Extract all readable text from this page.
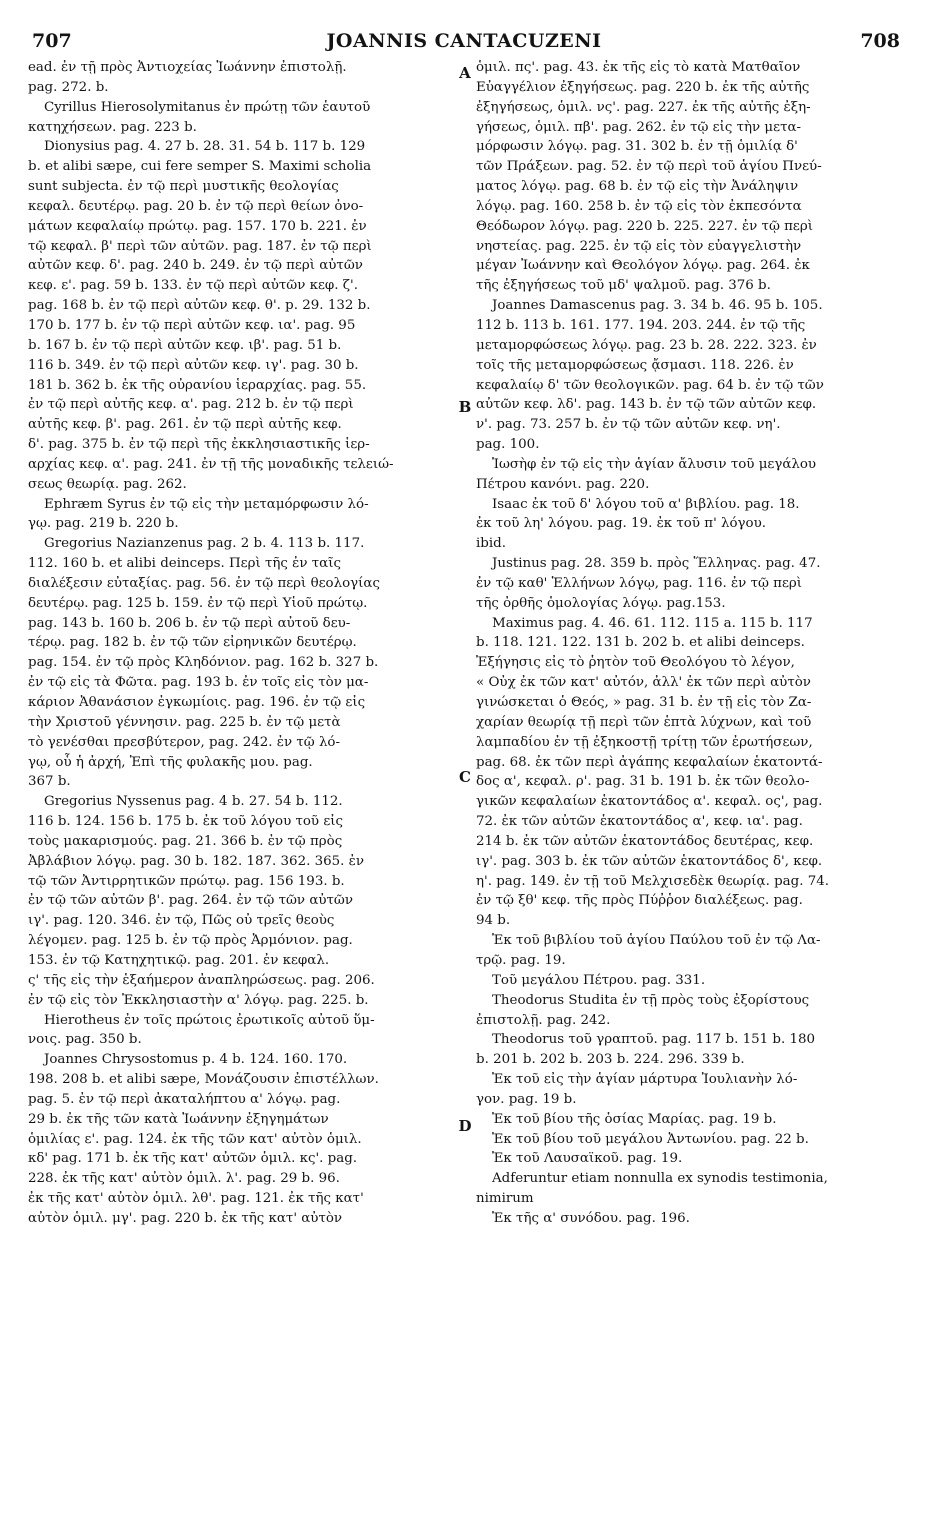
707	JOANNIS CANTACUZENI	708
ead. ἐν τῇ πρὸς Ἀντιοχείας Ἰωάννην ἐπιστολῇ.
pag. 272. b.
Cyrillus Hierosolymitanus ἐν πρώτῃ τῶν ἑαυτοῦ
κατηχήσεων. pag. 223 b.
Dionysius pag. 4. 27 b. 28. 31. 54 b. 117 b. 129
b. et alibi sæpe, cui fere semper S. Maximi scholia
sunt subjecta. ἐν τῷ περὶ μυστικῆς θεολογίας
κεφαλ. δευτέρῳ. pag. 20 b. ἐν τῷ περὶ θείων ὀνο-
μάτων κεφαλαίῳ πρώτῳ. pag. 157. 170 b. 221. ἐν
τῷ κεφαλ. β' περὶ τῶν αὐτῶν. pag. 187. ἐν τῷ περὶ
αὐτῶν κεφ. δ'. pag. 240 b. 249. ἐν τῷ περὶ αὐτῶν
κεφ. ε'. pag. 59 b. 133. ἐν τῷ περὶ αὐτῶν κεφ. ζ'.
pag. 168 b. ἐν τῷ περὶ αὐτῶν κεφ. θ'. p. 29. 132 b.
170 b. 177 b. ἐν τῷ περὶ αὐτῶν κεφ. ια'. pag. 95
b. 167 b. ἐν τῷ περὶ αὐτῶν κεφ. ιβ'. pag. 51 b.
116 b. 349. ἐν τῷ περὶ αὐτῶν κεφ. ιγ'. pag. 30 b.
181 b. 362 b. ἐκ τῆς οὐρανίου ἱεραρχίας. pag. 55.
ἐν τῷ περὶ αὐτῆς κεφ. α'. pag. 212 b. ἐν τῷ περὶ
αὐτῆς κεφ. β'. pag. 261. ἐν τῷ περὶ αὐτῆς κεφ.
δ'. pag. 375 b. ἐν τῷ περὶ τῆς ἐκκλησιαστικῆς ἱερ-
αρχίας κεφ. α'. pag. 241. ἐν τῇ τῆς μοναδικῆς τελειώ-
σεως θεωρίᾳ. pag. 262.
Ephræm Syrus ἐν τῷ εἰς τὴν μεταμόρφωσιν λό-
γῳ. pag. 219 b. 220 b.
Gregorius Nazianzenus pag. 2 b. 4. 113 b. 117.
112. 160 b. et alibi deinceps. Περὶ τῆς ἐν ταῖς
διαλέξεσιν εὐταξίας. pag. 56. ἐν τῷ περὶ θεολογίας
δευτέρῳ. pag. 125 b. 159. ἐν τῷ περὶ Υἱοῦ πρώτῳ.
pag. 143 b. 160 b. 206 b. ἐν τῷ περὶ αὐτοῦ δευ-
τέρῳ. pag. 182 b. ἐν τῷ τῶν εἰρηνικῶν δευτέρῳ.
pag. 154. ἐν τῷ πρὸς Κληδόνιον. pag. 162 b. 327 b.
ἐν τῷ εἰς τὰ Φῶτα. pag. 193 b. ἐν τοῖς εἰς τὸν μα-
κάριον Ἀθανάσιον ἐγκωμίοις. pag. 196. ἐν τῷ εἰς
τὴν Χριστοῦ γέννησιν. pag. 225 b. ἐν τῷ μετὰ
τὸ γενέσθαι πρεσβύτερον, pag. 242. ἐν τῷ λό-
γῳ, οὗ ἡ ἀρχή, Ἐπὶ τῆς φυλακῆς μου. pag.
367 b.
Gregorius Nyssenus pag. 4 b. 27. 54 b. 112.
116 b. 124. 156 b. 175 b. ἐκ τοῦ λόγου τοῦ εἰς
τοὺς μακαρισμούς. pag. 21. 366 b. ἐν τῷ πρὸς
Ἀβλάβιον λόγῳ. pag. 30 b. 182. 187. 362. 365. ἐν
τῷ τῶν Ἀντιρρητικῶν πρώτῳ. pag. 156 193. b.
ἐν τῷ τῶν αὐτῶν β'. pag. 264. ἐν τῷ τῶν αὐτῶν
ιγ'. pag. 120. 346. ἐν τῷ, Πῶς οὐ τρεῖς θεοὺς
λέγομεν. pag. 125 b. ἐν τῷ πρὸς Ἀρμόνιον. pag.
153. ἐν τῷ Κατηχητικῷ. pag. 201. ἐν κεφαλ.
ς' τῆς εἰς τὴν ἑξαήμερον ἀναπληρώσεως. pag. 206.
ἐν τῷ εἰς τὸν Ἐκκλησιαστὴν α' λόγῳ. pag. 225. b.
Hierotheus ἐν τοῖς πρώτοις ἐρωτικοῖς αὐτοῦ ὕμ-
νοις. pag. 350 b.
Joannes Chrysostomus p. 4 b. 124. 160. 170.
198. 208 b. et alibi sæpe, Μονάζουσιν ἐπιστέλλων.
pag. 5. ἐν τῷ περὶ ἀκαταλήπτου α' λόγῳ. pag.
29 b. ἐκ τῆς τῶν κατὰ Ἰωάννην ἐξηγημάτων
ὁμιλίας ε'. pag. 124. ἐκ τῆς τῶν κατ' αὐτὸν ὁμιλ.
κδ' pag. 171 b. ἐκ τῆς κατ' αὐτῶν ὁμιλ. κς'. pag.
228. ἐκ τῆς κατ' αὐτὸν ὁμιλ. λ'. pag. 29 b. 96.
ἐκ τῆς κατ' αὐτὸν ὁμιλ. λθ'. pag. 121. ἐκ τῆς κατ'
αὐτὸν ὁμιλ. μγ'. pag. 220 b. ἐκ τῆς κατ' αὐτὸν
ὁμιλ. πς'. pag. 43. ἐκ τῆς εἰς τὸ κατὰ Ματθαῖον
Εὐαγγέλιον ἐξηγήσεως. pag. 220 b. ἐκ τῆς αὐτῆς
ἐξηγήσεως, ὁμιλ. νς'. pag. 227. ἐκ τῆς αὐτῆς ἐξη-
γήσεως, ὁμιλ. πβ'. pag. 262. ἐν τῷ εἰς τὴν μετα-
μόρφωσιν λόγῳ. pag. 31. 302 b. ἐν τῇ ὁμιλίᾳ δ'
τῶν Πράξεων. pag. 52. ἐν τῷ περὶ τοῦ ἁγίου Πνεύ-
ματος λόγῳ. pag. 68 b. ἐν τῷ εἰς τὴν Ἀνάληψιν
λόγῳ. pag. 160. 258 b. ἐν τῷ εἰς τὸν ἐκπεσόντα
Θεόδωρον λόγῳ. pag. 220 b. 225. 227. ἐν τῷ περὶ
νηστείας. pag. 225. ἐν τῷ εἰς τὸν εὐαγγελιστὴν
μέγαν Ἰωάννην καὶ Θεολόγον λόγῳ. pag. 264. ἐκ
τῆς ἐξηγήσεως τοῦ μδ' ψαλμοῦ. pag. 376 b.
Joannes Damascenus pag. 3. 34 b. 46. 95 b. 105.
112 b. 113 b. 161. 177. 194. 203. 244. ἐν τῷ τῆς
μεταμορφώσεως λόγῳ. pag. 23 b. 28. 222. 323. ἐν
τοῖς τῆς μεταμορφώσεως ᾄσμασι. 118. 226. ἐν
κεφαλαίῳ δ' τῶν θεολογικῶν. pag. 64 b. ἐν τῷ τῶν
αὐτῶν κεφ. λδ'. pag. 143 b. ἐν τῷ τῶν αὐτῶν κεφ.
ν'. pag. 73. 257 b. ἐν τῷ τῶν αὐτῶν κεφ. νη'.
pag. 100.
Ἰωσὴφ ἐν τῷ εἰς τὴν ἁγίαν ἄλυσιν τοῦ μεγάλου
Πέτρου κανόνι. pag. 220.
Isaac ἐκ τοῦ δ' λόγου τοῦ α' βιβλίου. pag. 18.
ἐκ τοῦ λη' λόγου. pag. 19. ἐκ τοῦ π' λόγου.
ibid.
Justinus pag. 28. 359 b. πρὸς Ἕλληνας. pag. 47.
ἐν τῷ καθ' Ἑλλήνων λόγῳ, pag. 116. ἐν τῷ περὶ
τῆς ὀρθῆς ὁμολογίας λόγῳ. pag.153.
Maximus pag. 4. 46. 61. 112. 115 a. 115 b. 117
b. 118. 121. 122. 131 b. 202 b. et alibi deinceps.
Ἐξήγησις εἰς τὸ ῥητὸν τοῦ Θεολόγου τὸ λέγον,
« Οὐχ ἐκ τῶν κατ' αὐτόν, ἀλλ' ἐκ τῶν περὶ αὐτὸν
γινώσκεται ὁ Θεός, » pag. 31 b. ἐν τῇ εἰς τὸν Ζα-
χαρίαν θεωρίᾳ τῇ περὶ τῶν ἑπτὰ λύχνων, καὶ τοῦ
λαμπαδίου ἐν τῇ ἐξηκοστῇ τρίτῃ τῶν ἐρωτήσεων,
pag. 68. ἐκ τῶν περὶ ἀγάπης κεφαλαίων ἑκατοντά-
δος α', κεφαλ. ρ'. pag. 31 b. 191 b. ἐκ τῶν θεολο-
γικῶν κεφαλαίων ἑκατοντάδος α'. κεφαλ. ος', pag.
72. ἐκ τῶν αὐτῶν ἑκατοντάδος α', κεφ. ια'. pag.
214 b. ἐκ τῶν αὐτῶν ἑκατοντάδος δευτέρας, κεφ.
ιγ'. pag. 303 b. ἐκ τῶν αὐτῶν ἑκατοντάδος δ', κεφ.
η'. pag. 149. ἐν τῇ τοῦ Μελχισεδὲκ θεωρίᾳ. pag. 74.
ἐν τῷ ξθ' κεφ. τῆς πρὸς Πύῤῥον διαλέξεως. pag.
94 b.
Ἐκ τοῦ βιβλίου τοῦ ἁγίου Παύλου τοῦ ἐν τῷ Λα-
τρῷ. pag. 19.
Τοῦ μεγάλου Πέτρου. pag. 331.
Theodorus Studita ἐν τῇ πρὸς τοὺς ἐξορίστους
ἐπιστολῇ. pag. 242.
Theodorus τοῦ γραπτοῦ. pag. 117 b. 151 b. 180
b. 201 b. 202 b. 203 b. 224. 296. 339 b.
Ἐκ τοῦ εἰς τὴν ἁγίαν μάρτυρα Ἰουλιανὴν λό-
γον. pag. 19 b.
Ἐκ τοῦ βίου τῆς ὁσίας Μαρίας. pag. 19 b.
Ἐκ τοῦ βίου τοῦ μεγάλου Ἀντωνίου. pag. 22 b.
Ἐκ τοῦ Λαυσαϊκοῦ. pag. 19.
Adferuntur etiam nonnulla ex synodis testimonia,
nimirum
Ἐκ τῆς α' συνόδου. pag. 196.
A
B
C
D
